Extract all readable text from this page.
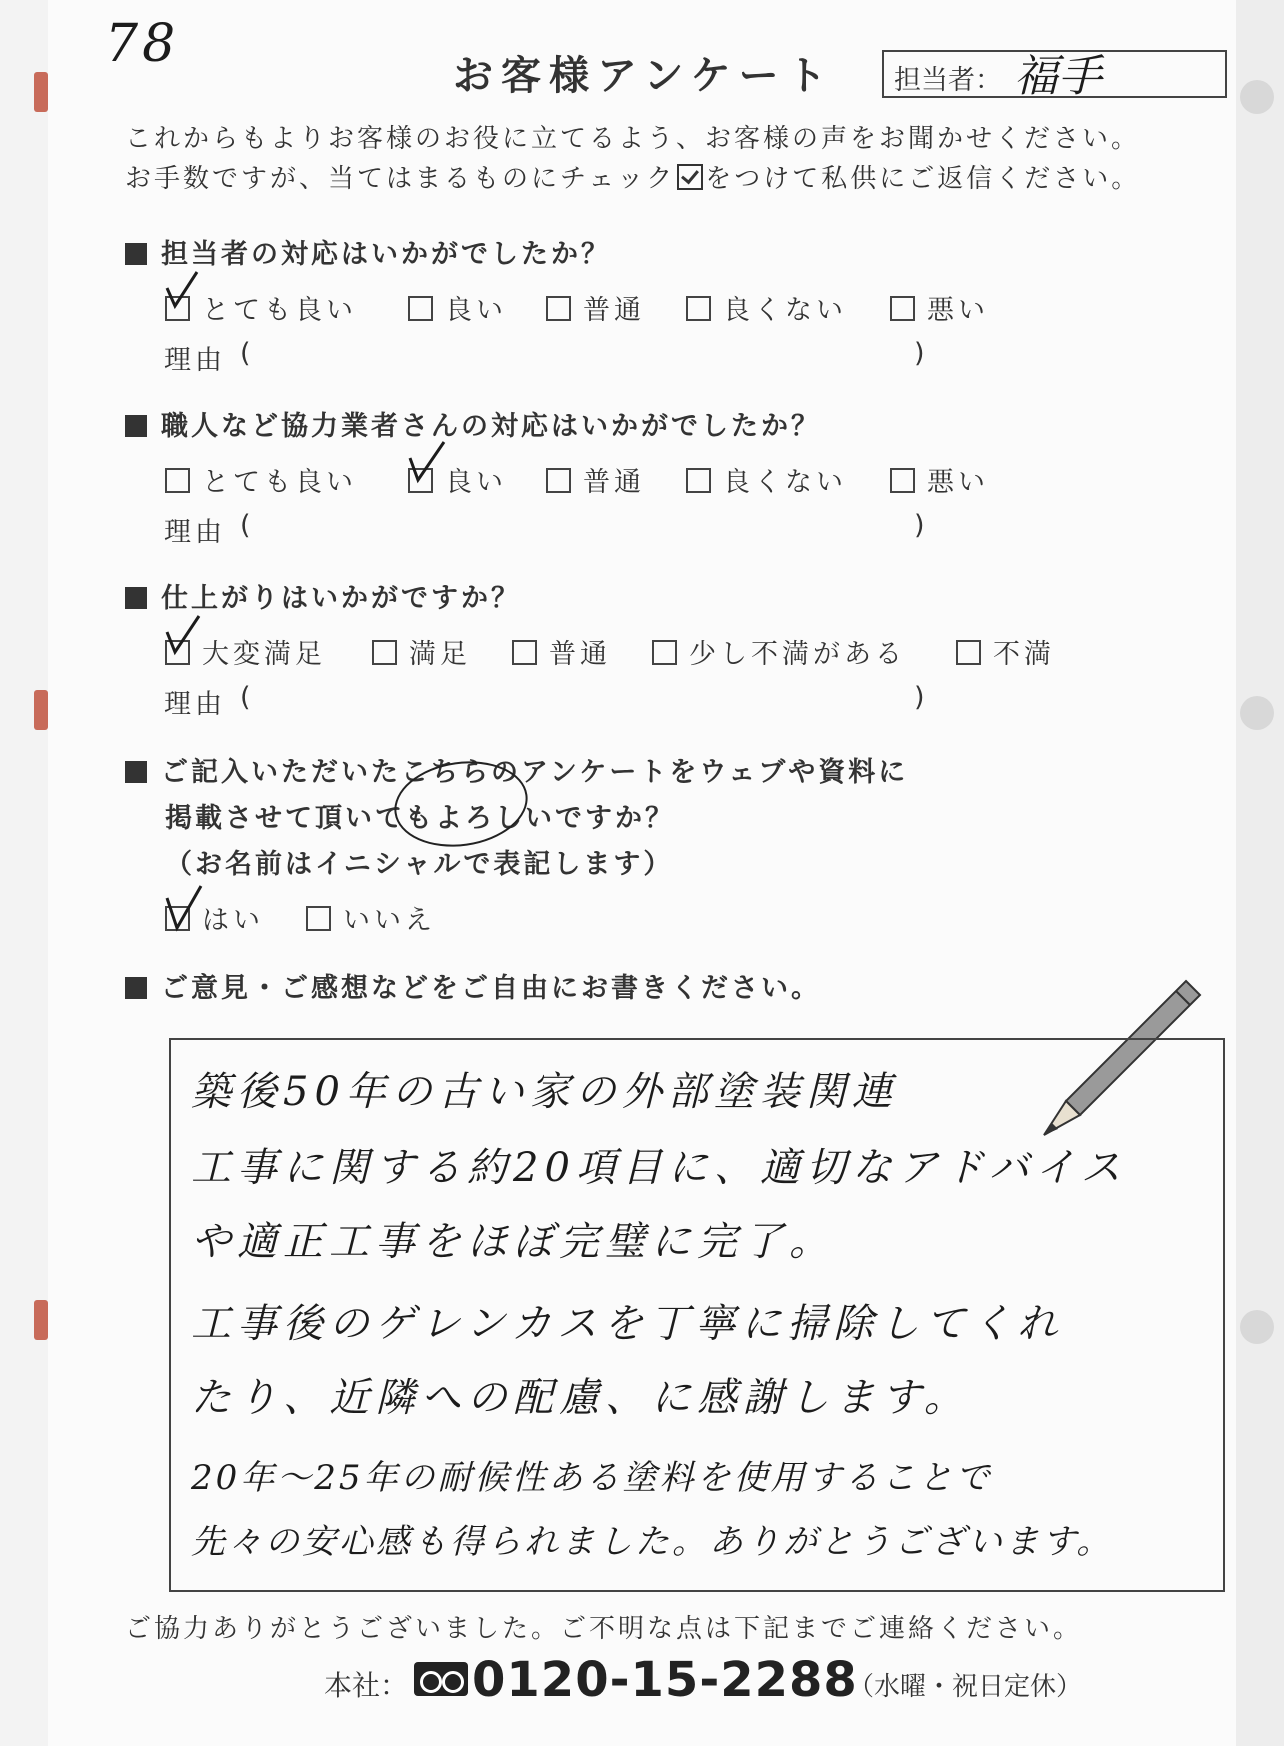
78
お客様アンケート 担当者： 福手
これからもよりお客様のお役に立てるよう、お客様の声をお聞かせください。
お手数ですが、当てはまるものにチェック をつけて私供にご返信ください。
担当者の対応はいかがでしたか？
とても良い	良い	普通	良くない	悪い
理由 (	)
職人など協力業者さんの対応はいかがでしたか？
とても良い	良い	普通	良くない	悪い
理由 (	)
仕上がりはいかがですか？
大変満足	満足	普通	少し不満がある	不満
理由 (	)
ご記入いただいたこちらのアンケートをウェブや資料に
掲載させて頂いてもよろしいですか？
（お名前はイニシャルで表記します）
はい	いいえ
ご意見・ご感想などをご自由にお書きください。
築後50年の古い家の外部塗装関連
工事に関する約20項目に、適切なアドバイス
や適正工事をほぼ完璧に完了。
工事後のゲレンカスを丁寧に掃除してくれ
たり、近隣への配慮、に感謝します。
20年〜25年の耐候性ある塗料を使用することで
先々の安心感も得られました。ありがとうございます。
ご協力ありがとうございました。ご不明な点は下記までご連絡ください。
本社： 0120-15-2288
（水曜・祝日定休）
